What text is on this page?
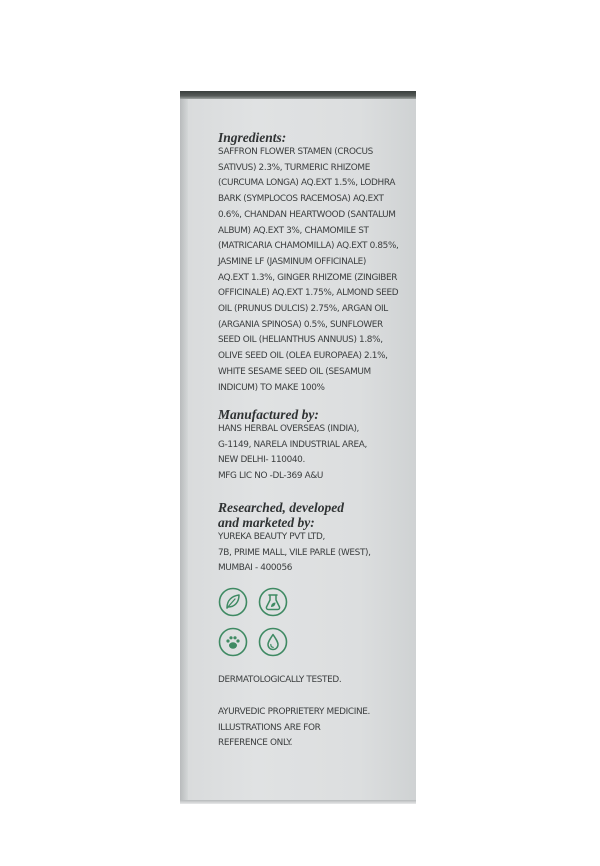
Ingredients:

SAFFRON FLOWER STAMEN (CROCUS
SATIVUS) 2.3%, TURMERIC RHIZOME
(CURCUMA LONGA) AQ.EXT 1.5%, LODHRA
BARK (SYMPLOCOS RACEMOSA) AQ.EXT
0.6%, CHANDAN HEARTWOOD (SANTALUM
ALBUM) AQ.EXT 3%, CHAMOMILE ST
(MATRICARIA CHAMOMILLA) AQ.EXT 0.85%,
JASMINE LF (JASMINUM OFFICINALE)
AQ.EXT 1.3%, GINGER RHIZOME (ZINGIBER
OFFICINALE) AQ.EXT 1.75%, ALMOND SEED
OIL (PRUNUS DULCIS) 2.75%, ARGAN OIL
(ARGANIA SPINOSA) 0.5%, SUNFLOWER
SEED OIL (HELIANTHUS ANNUUS) 1.8%,
OLIVE SEED OIL (OLEA EUROPAEA) 2.1%,
WHITE SESAME SEED OIL (SESAMUM
INDICUM) TO MAKE 100%

Manufactured by:

HANS HERBAL OVERSEAS (INDIA),
G-1149, NARELA INDUSTRIAL AREA,
NEW DELHI- 110040.
MFG LIC NO -DL-369 A&U

Researched, developed
and marketed by:

YUREKA BEAUTY PVT LTD,
7B, PRIME MALL, VILE PARLE (WEST),
MUMBAI - 400056

DERMATOLOGICALLY TESTED.

AYURVEDIC PROPRIETERY MEDICINE.
ILLUSTRATIONS ARE FOR
REFERENCE ONLY.
